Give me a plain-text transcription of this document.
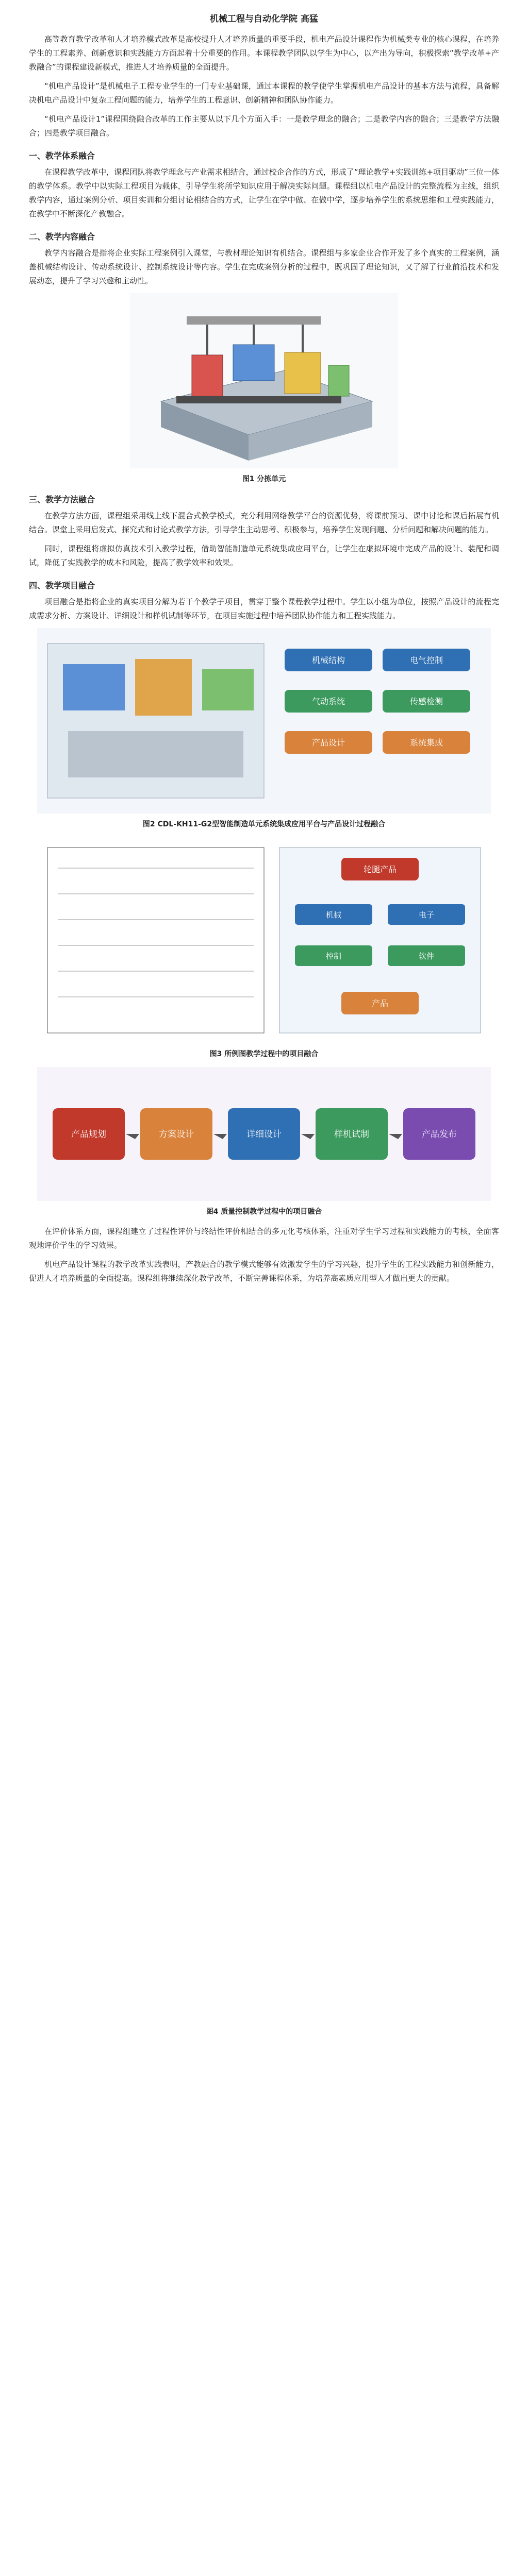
机械工程与自动化学院 高猛

高等教育教学改革和人才培养模式改革是高校提升人才培养质量的重要手段，机电产品设计课程作为机械类专业的核心课程，在培养学生的工程素养、创新意识和实践能力方面起着十分重要的作用。本课程教学团队以学生为中心，以产出为导向，积极探索“教学改革+产教融合”的课程建设新模式，推进人才培养质量的全面提升。

“机电产品设计”是机械电子工程专业学生的一门专业基础课，通过本课程的教学使学生掌握机电产品设计的基本方法与流程，具备解决机电产品设计中复杂工程问题的能力，培养学生的工程意识、创新精神和团队协作能力。

“机电产品设计1”课程围绕融合改革的工作主要从以下几个方面入手：一是教学理念的融合；二是教学内容的融合；三是教学方法融合；四是教学项目融合。

一、教学体系融合

在课程教学改革中，课程团队将教学理念与产业需求相结合，通过校企合作的方式，形成了“理论教学+实践训练+项目驱动”三位一体的教学体系。教学中以实际工程项目为载体，引导学生将所学知识应用于解决实际问题。课程组以机电产品设计的完整流程为主线，组织教学内容，通过案例分析、项目实训和分组讨论相结合的方式，让学生在学中做、在做中学，逐步培养学生的系统思维和工程实践能力，在教学中不断深化产教融合。

二、教学内容融合

教学内容融合是指将企业实际工程案例引入课堂，与教材理论知识有机结合。课程组与多家企业合作开发了多个真实的工程案例，涵盖机械结构设计、传动系统设计、控制系统设计等内容。学生在完成案例分析的过程中，既巩固了理论知识，又了解了行业前沿技术和发展动态，提升了学习兴趣和主动性。

图1 分拣单元
三、教学方法融合

在教学方法方面，课程组采用线上线下混合式教学模式，充分利用网络教学平台的资源优势，将课前预习、课中讨论和课后拓展有机结合。课堂上采用启发式、探究式和讨论式教学方法，引导学生主动思考、积极参与，培养学生发现问题、分析问题和解决问题的能力。

同时，课程组将虚拟仿真技术引入教学过程，借助智能制造单元系统集成应用平台，让学生在虚拟环境中完成产品的设计、装配和调试，降低了实践教学的成本和风险，提高了教学效率和效果。

四、教学项目融合

项目融合是指将企业的真实项目分解为若干个教学子项目，贯穿于整个课程教学过程中。学生以小组为单位，按照产品设计的流程完成需求分析、方案设计、详细设计和样机试制等环节，在项目实施过程中培养团队协作能力和工程实践能力。

机械结构	电气控制
气动系统	传感检测
产品设计	系统集成
图2 CDL-KH11-G2型智能制造单元系统集成应用平台与产品设计过程融合
轮腿产品
机械	电子
控制	软件
产品
图3 所例图教学过程中的项目融合
产品规划	方案设计	详细设计	样机试制	产品发布
图4 质量控制教学过程中的项目融合

在评价体系方面，课程组建立了过程性评价与终结性评价相结合的多元化考核体系，注重对学生学习过程和实践能力的考核，全面客观地评价学生的学习效果。

机电产品设计课程的教学改革实践表明，产教融合的教学模式能够有效激发学生的学习兴趣，提升学生的工程实践能力和创新能力，促进人才培养质量的全面提高。课程组将继续深化教学改革，不断完善课程体系，为培养高素质应用型人才做出更大的贡献。
